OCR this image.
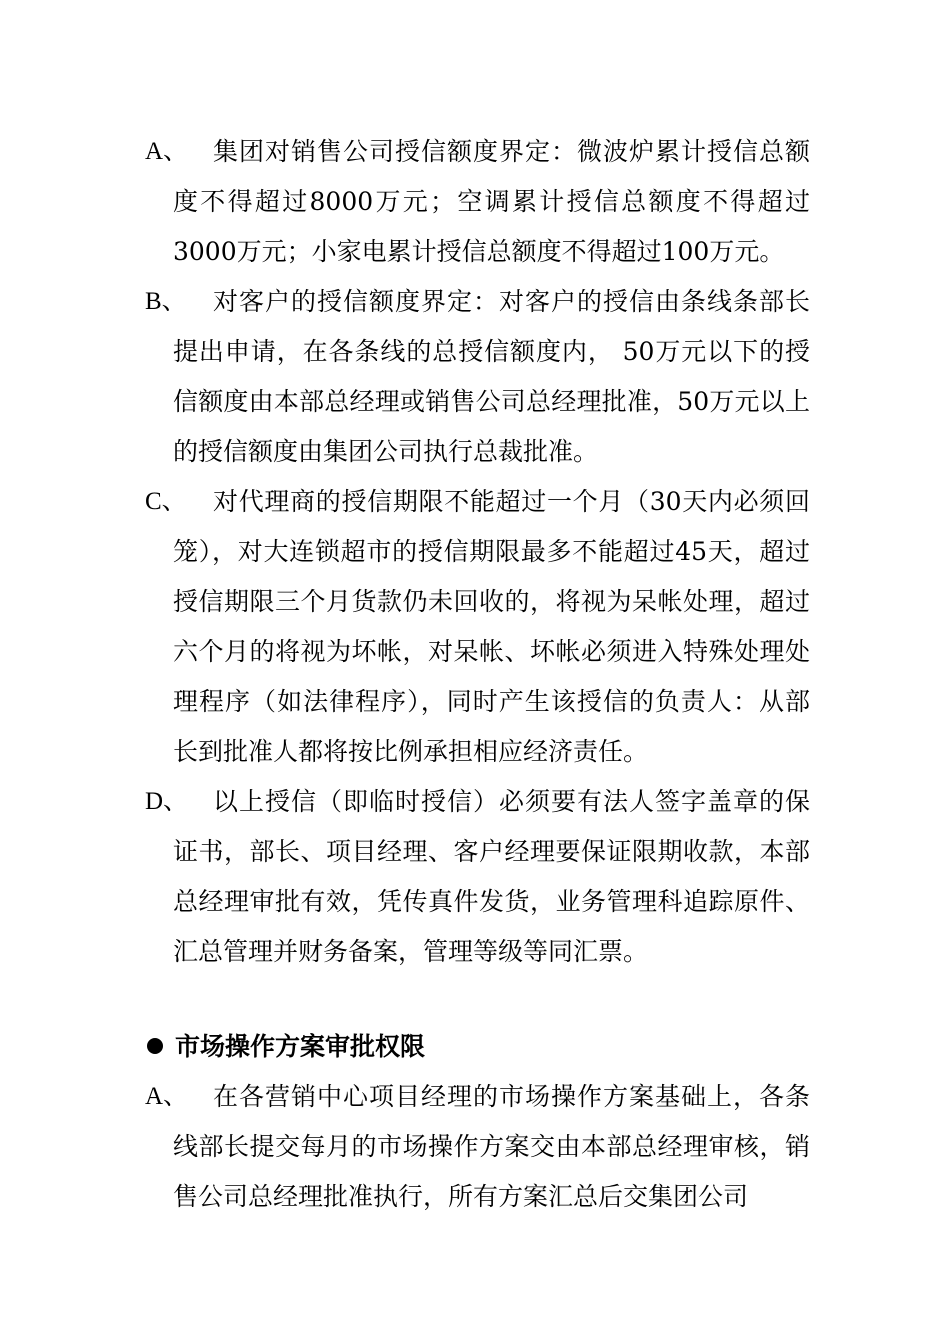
A、 集团对销售公司授信额度界定：微波炉累计授信总额度不得超过8000万元；空调累计授信总额度不得超过3000万元；小家电累计授信总额度不得超过100万元。
B、	对客户的授信额度界定：对客户的授信由条线条部长提出申请，在各条线的总授信额度内， 50万元以下的授信额度由本部总经理或销售公司总经理批准，50万元以上的授信额度由集团公司执行总裁批准。
C、	对代理商的授信期限不能超过一个月（30天内必须回笼），对大连锁超市的授信期限最多不能超过45天，超过授信期限三个月货款仍未回收的，将视为呆帐处理，超过六个月的将视为坏帐，对呆帐、坏帐必须进入特殊处理处理程序（如法律程序），同时产生该授信的负责人：从部长到批准人都将按比例承担相应经济责任。
D、 以上授信（即临时授信）必须要有法人签字盖章的保证书，部长、项目经理、客户经理要保证限期收款，本部总经理审批有效，凭传真件发货，业务管理科追踪原件、汇总管理并财务备案，管理等级等同汇票。
市场操作方案审批权限
A、 在各营销中心项目经理的市场操作方案基础上，各条线部长提交每月的市场操作方案交由本部总经理审核，销售公司总经理批准执行，所有方案汇总后交集团公司
